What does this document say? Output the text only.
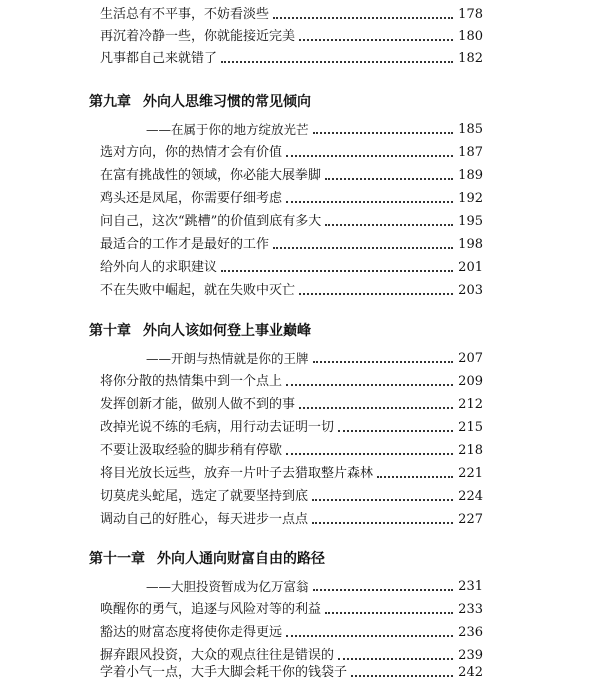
生活总有不平事，不妨看淡些	178
再沉着冷静一些，你就能接近完美	180
凡事都自己来就错了	182
第九章 外向人思维习惯的常见倾向
——在属于你的地方绽放光芒	185
选对方向，你的热情才会有价值	187
在富有挑战性的领域，你必能大展拳脚	189
鸡头还是凤尾，你需要仔细考虑	192
问自己，这次“跳槽”的价值到底有多大	195
最适合的工作才是最好的工作	198
给外向人的求职建议	201
不在失败中崛起，就在失败中灭亡	203
第十章 外向人该如何登上事业巅峰
——开朗与热情就是你的王牌	207
将你分散的热情集中到一个点上	209
发挥创新才能，做别人做不到的事	212
改掉光说不练的毛病，用行动去证明一切	215
不要让汲取经验的脚步稍有停歇	218
将目光放长远些，放弃一片叶子去猎取整片森林	221
切莫虎头蛇尾，选定了就要坚持到底	224
调动自己的好胜心，每天进步一点点	227
第十一章 外向人通向财富自由的路径
——大胆投资暂成为亿万富翁	231
唤醒你的勇气，追逐与风险对等的利益	233
豁达的财富态度将使你走得更远	236
摒弃跟风投资，大众的观点往往是错误的	239
学着小气一点，大手大脚会耗干你的钱袋子	242
